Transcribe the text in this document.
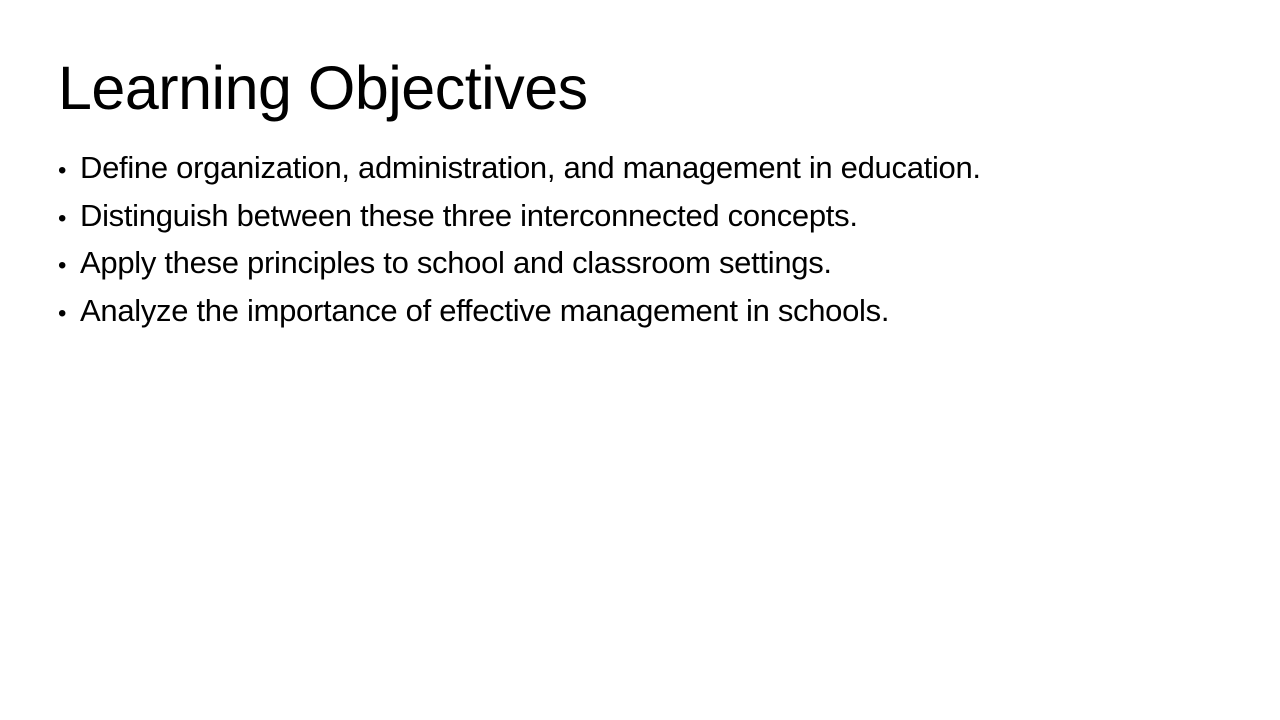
Learning Objectives
• Define organization, administration, and management in education.
• Distinguish between these three interconnected concepts.
• Apply these principles to school and classroom settings.
• Analyze the importance of effective management in schools.
